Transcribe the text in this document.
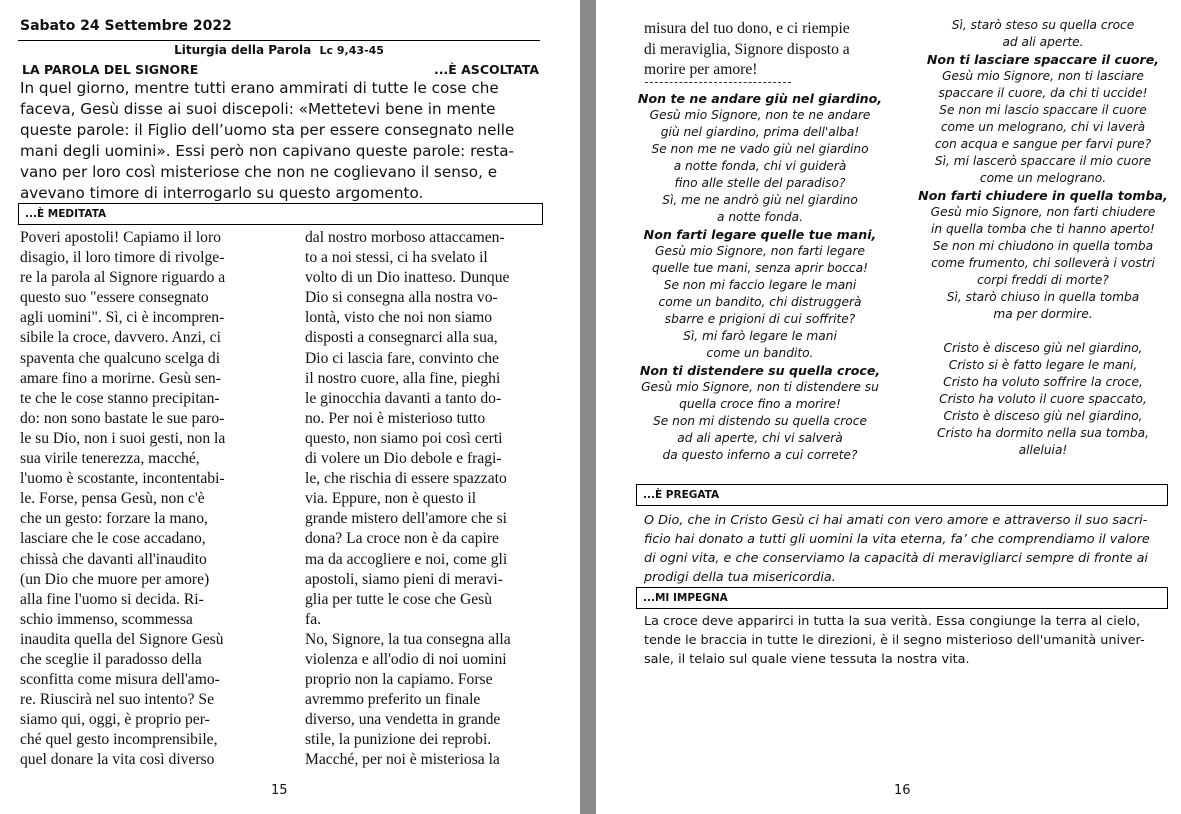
Sabato 24 Settembre 2022
Liturgia della Parola Lc 9,43-45
LA PAROLA DEL SIGNORE	...È ASCOLTATA
In quel giorno, mentre tutti erano ammirati di tutte le cose che
faceva, Gesù disse ai suoi discepoli: «Mettetevi bene in mente
queste parole: il Figlio dell’uomo sta per essere consegnato nelle
mani degli uomini». Essi però non capivano queste parole: resta-
vano per loro così misteriose che non ne coglievano il senso, e
avevano timore di interrogarlo su questo argomento.
...È MEDITATA
Poveri apostoli! Capiamo il loro
disagio, il loro timore di rivolge-
re la parola al Signore riguardo a
questo suo "essere consegnato
agli uomini". Sì, ci è incompren-
sibile la croce, davvero. Anzi, ci
spaventa che qualcuno scelga di
amare fino a morirne. Gesù sen-
te che le cose stanno precipitan-
do: non sono bastate le sue paro-
le su Dio, non i suoi gesti, non la
sua virile tenerezza, macché,
l'uomo è scostante, incontentabi-
le. Forse, pensa Gesù, non c'è
che un gesto: forzare la mano,
lasciare che le cose accadano,
chissà che davanti all'inaudito
(un Dio che muore per amore)
alla fine l'uomo si decida. Ri-
schio immenso, scommessa
inaudita quella del Signore Gesù
che sceglie il paradosso della
sconfitta come misura dell'amo-
re. Riuscirà nel suo intento? Se
siamo qui, oggi, è proprio per-
ché quel gesto incomprensibile,
quel donare la vita così diverso
dal nostro morboso attaccamen-
to a noi stessi, ci ha svelato il
volto di un Dio inatteso. Dunque
Dio si consegna alla nostra vo-
lontà, visto che noi non siamo
disposti a consegnarci alla sua,
Dio ci lascia fare, convinto che
il nostro cuore, alla fine, pieghi
le ginocchia davanti a tanto do-
no. Per noi è misterioso tutto
questo, non siamo poi così certi
di volere un Dio debole e fragi-
le, che rischia di essere spazzato
via. Eppure, non è questo il
grande mistero dell'amore che si
dona? La croce non è da capire
ma da accogliere e noi, come gli
apostoli, siamo pieni di meravi-
glia per tutte le cose che Gesù
fa.
No, Signore, la tua consegna alla
violenza e all'odio di noi uomini
proprio non la capiamo. Forse
avremmo preferito un finale
diverso, una vendetta in grande
stile, la punizione dei reprobi.
Macché, per noi è misteriosa la
15
misura del tuo dono, e ci riempie
di meraviglia, Signore disposto a
morire per amore!
Non te ne andare giù nel giardino,
Gesù mio Signore, non te ne andare
giù nel giardino, prima dell'alba!
Se non me ne vado giù nel giardino
a notte fonda, chi vi guiderà
fino alle stelle del paradiso?
Sì, me ne andrò giù nel giardino
a notte fonda.
Non farti legare quelle tue mani,
Gesù mio Signore, non farti legare
quelle tue mani, senza aprir bocca!
Se non mi faccio legare le mani
come un bandito, chi distruggerà
sbarre e prigioni di cui soffrite?
Sì, mi farò legare le mani
come un bandito.
Non ti distendere su quella croce,
Gesù mio Signore, non ti distendere su
quella croce fino a morire!
Se non mi distendo su quella croce
ad ali aperte, chi vi salverà
da questo inferno a cui correte?
Sì, starò steso su quella croce
ad ali aperte.
Non ti lasciare spaccare il cuore,
Gesù mio Signore, non ti lasciare
spaccare il cuore, da chi ti uccide!
Se non mi lascio spaccare il cuore
come un melograno, chi vi laverà
con acqua e sangue per farvi pure?
Sì, mi lascerò spaccare il mio cuore
come un melograno.
Non farti chiudere in quella tomba,
Gesù mio Signore, non farti chiudere
in quella tomba che ti hanno aperto!
Se non mi chiudono in quella tomba
come frumento, chi solleverà i vostri
corpi freddi di morte?
Sì, starò chiuso in quella tomba
ma per dormire.
Cristo è disceso giù nel giardino,
Cristo si è fatto legare le mani,
Cristo ha voluto soffrire la croce,
Cristo ha voluto il cuore spaccato,
Cristo è disceso giù nel giardino,
Cristo ha dormito nella sua tomba,
alleluia!
...È PREGATA
O Dio, che in Cristo Gesù ci hai amati con vero amore e attraverso il suo sacri-
ficio hai donato a tutti gli uomini la vita eterna, fa’ che comprendiamo il valore
di ogni vita, e che conserviamo la capacità di meravigliarci sempre di fronte ai
prodigi della tua misericordia.
...MI IMPEGNA
La croce deve apparirci in tutta la sua verità. Essa congiunge la terra al cielo,
tende le braccia in tutte le direzioni, è il segno misterioso dell'umanità univer-
sale, il telaio sul quale viene tessuta la nostra vita.
16
